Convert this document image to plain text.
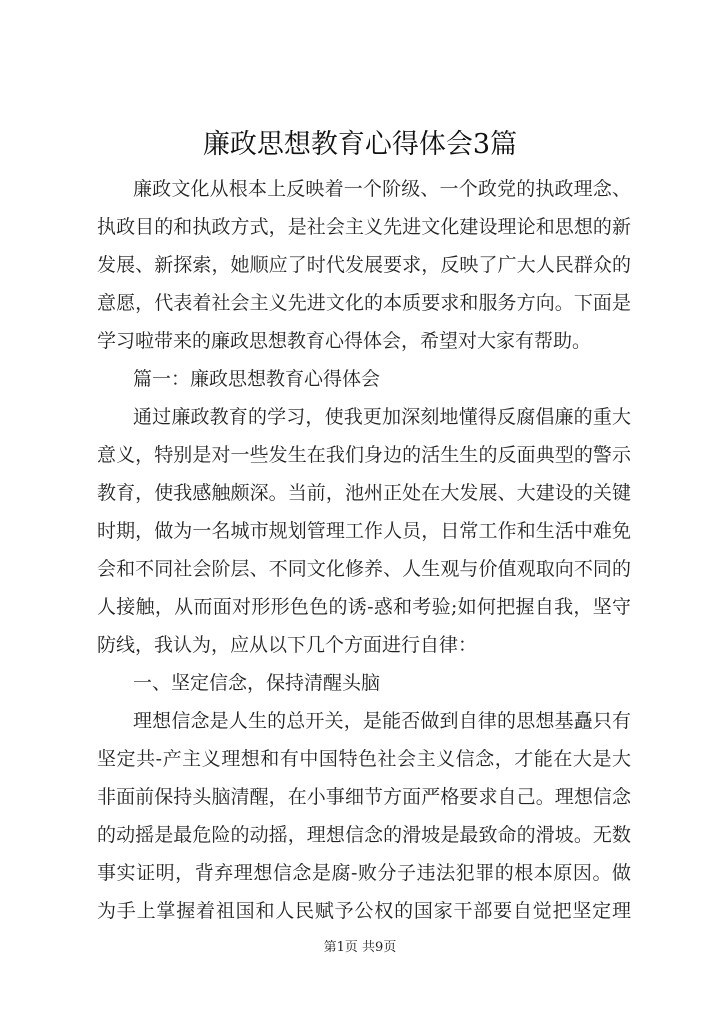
廉政思想教育心得体会3篇
廉政文化从根本上反映着一个阶级、一个政党的执政理念、
执政目的和执政方式，是社会主义先进文化建设理论和思想的新
发展、新探索，她顺应了时代发展要求，反映了广大人民群众的
意愿，代表着社会主义先进文化的本质要求和服务方向。下面是
学习啦带来的廉政思想教育心得体会，希望对大家有帮助。
篇一：廉政思想教育心得体会
通过廉政教育的学习，使我更加深刻地懂得反腐倡廉的重大
意义，特别是对一些发生在我们身边的活生生的反面典型的警示
教育，使我感触颇深。当前，池州正处在大发展、大建设的关键
时期，做为一名城市规划管理工作人员，日常工作和生活中难免
会和不同社会阶层、不同文化修养、人生观与价值观取向不同的
人接触，从而面对形形色色的诱-惑和考验;如何把握自我，坚守
防线，我认为，应从以下几个方面进行自律：
一、坚定信念，保持清醒头脑
理想信念是人生的总开关，是能否做到自律的思想基矗只有
坚定共-产主义理想和有中国特色社会主义信念，才能在大是大
非面前保持头脑清醒，在小事细节方面严格要求自己。理想信念
的动摇是最危险的动摇，理想信念的滑坡是最致命的滑坡。无数
事实证明，背弃理想信念是腐-败分子违法犯罪的根本原因。做
为手上掌握着祖国和人民赋予公权的国家干部要自觉把坚定理
第1页 共9页
